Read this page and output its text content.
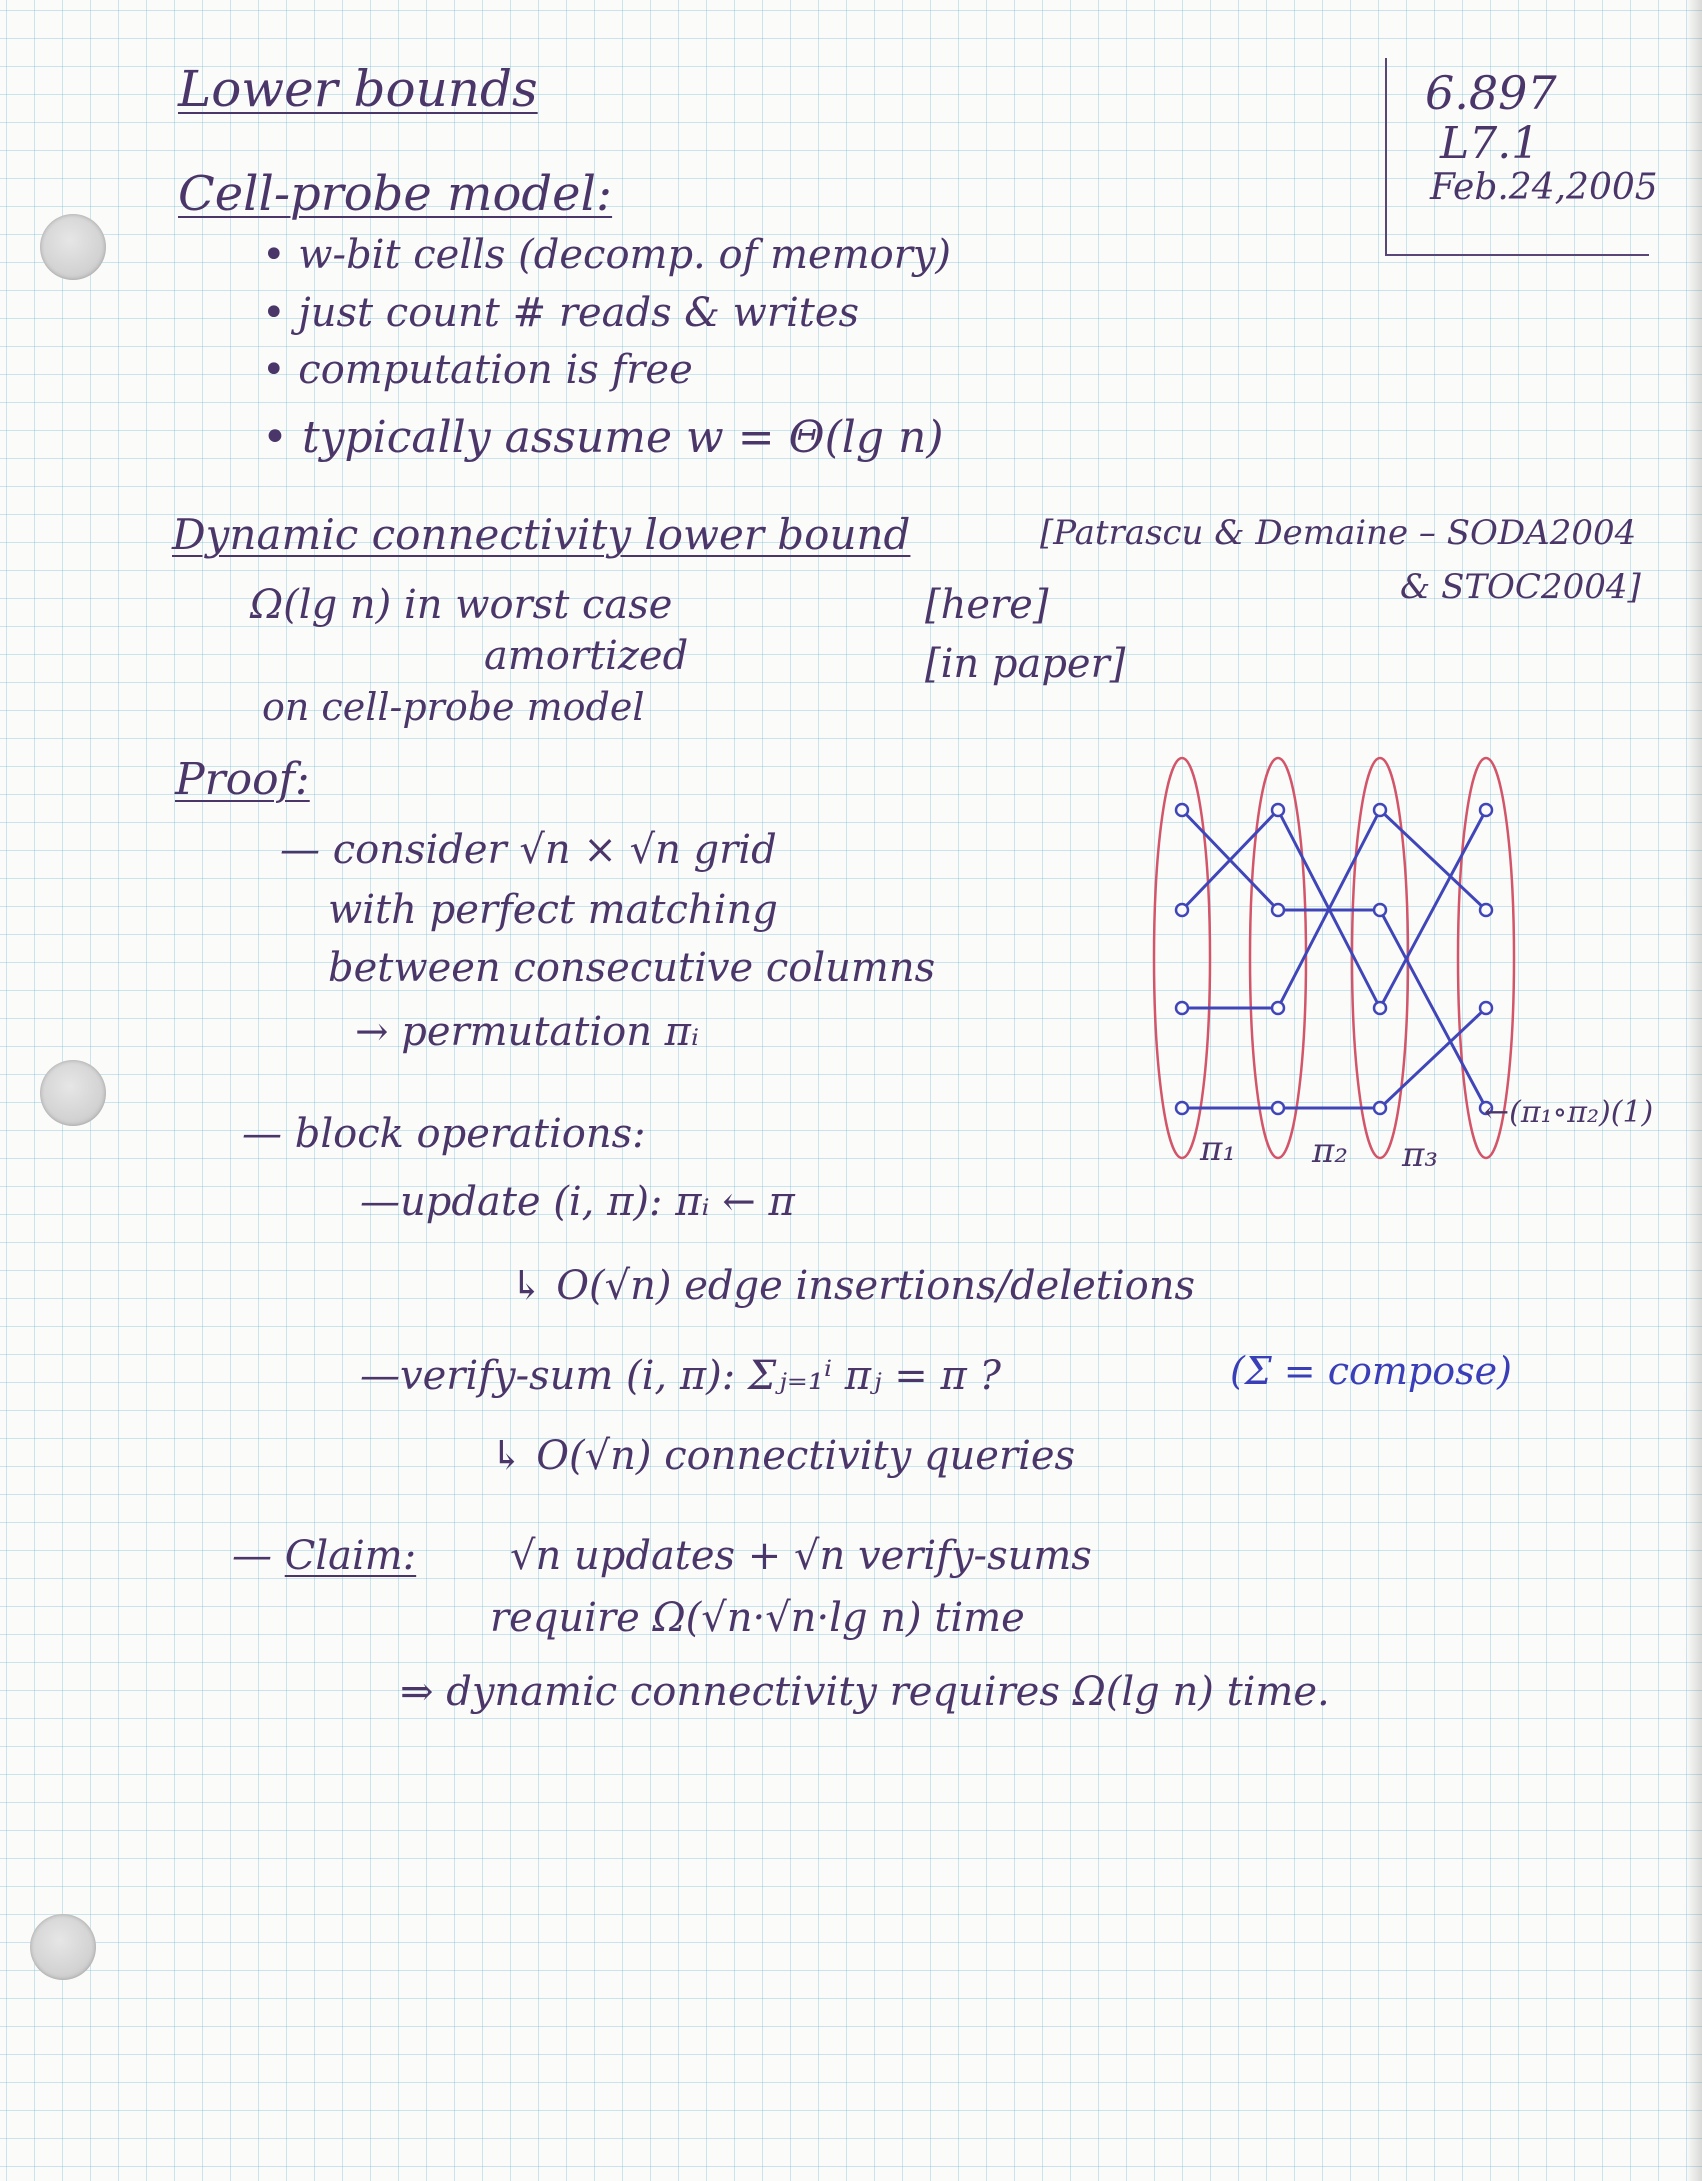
6.897
L7.1
Feb.24,2005
Lower bounds
Cell-probe model:
• w-bit cells (decomp. of memory)
• just count # reads & writes
• computation is free
• typically assume w = Θ(lg n)
Dynamic connectivity lower bound	[Patrascu & Demaine – SODA2004
& STOC2004]
Ω(lg n) in worst case	[here]
amortized	[in paper]
on cell-probe model
Proof:
— consider √n × √n grid
with perfect matching
between consecutive columns
→ permutation πᵢ
— block operations:
—update (i, π): πᵢ ← π
↳ O(√n) edge insertions/deletions
—verify-sum (i, π): Σⱼ₌₁ⁱ πⱼ = π ?	(Σ = compose)
↳ O(√n) connectivity queries
— Claim: √n updates + √n verify-sums
require Ω(√n·√n·lg n) time
⇒ dynamic connectivity requires Ω(lg n) time.
π₁ π₂ π₃
←(π₁∘π₂)(1)
